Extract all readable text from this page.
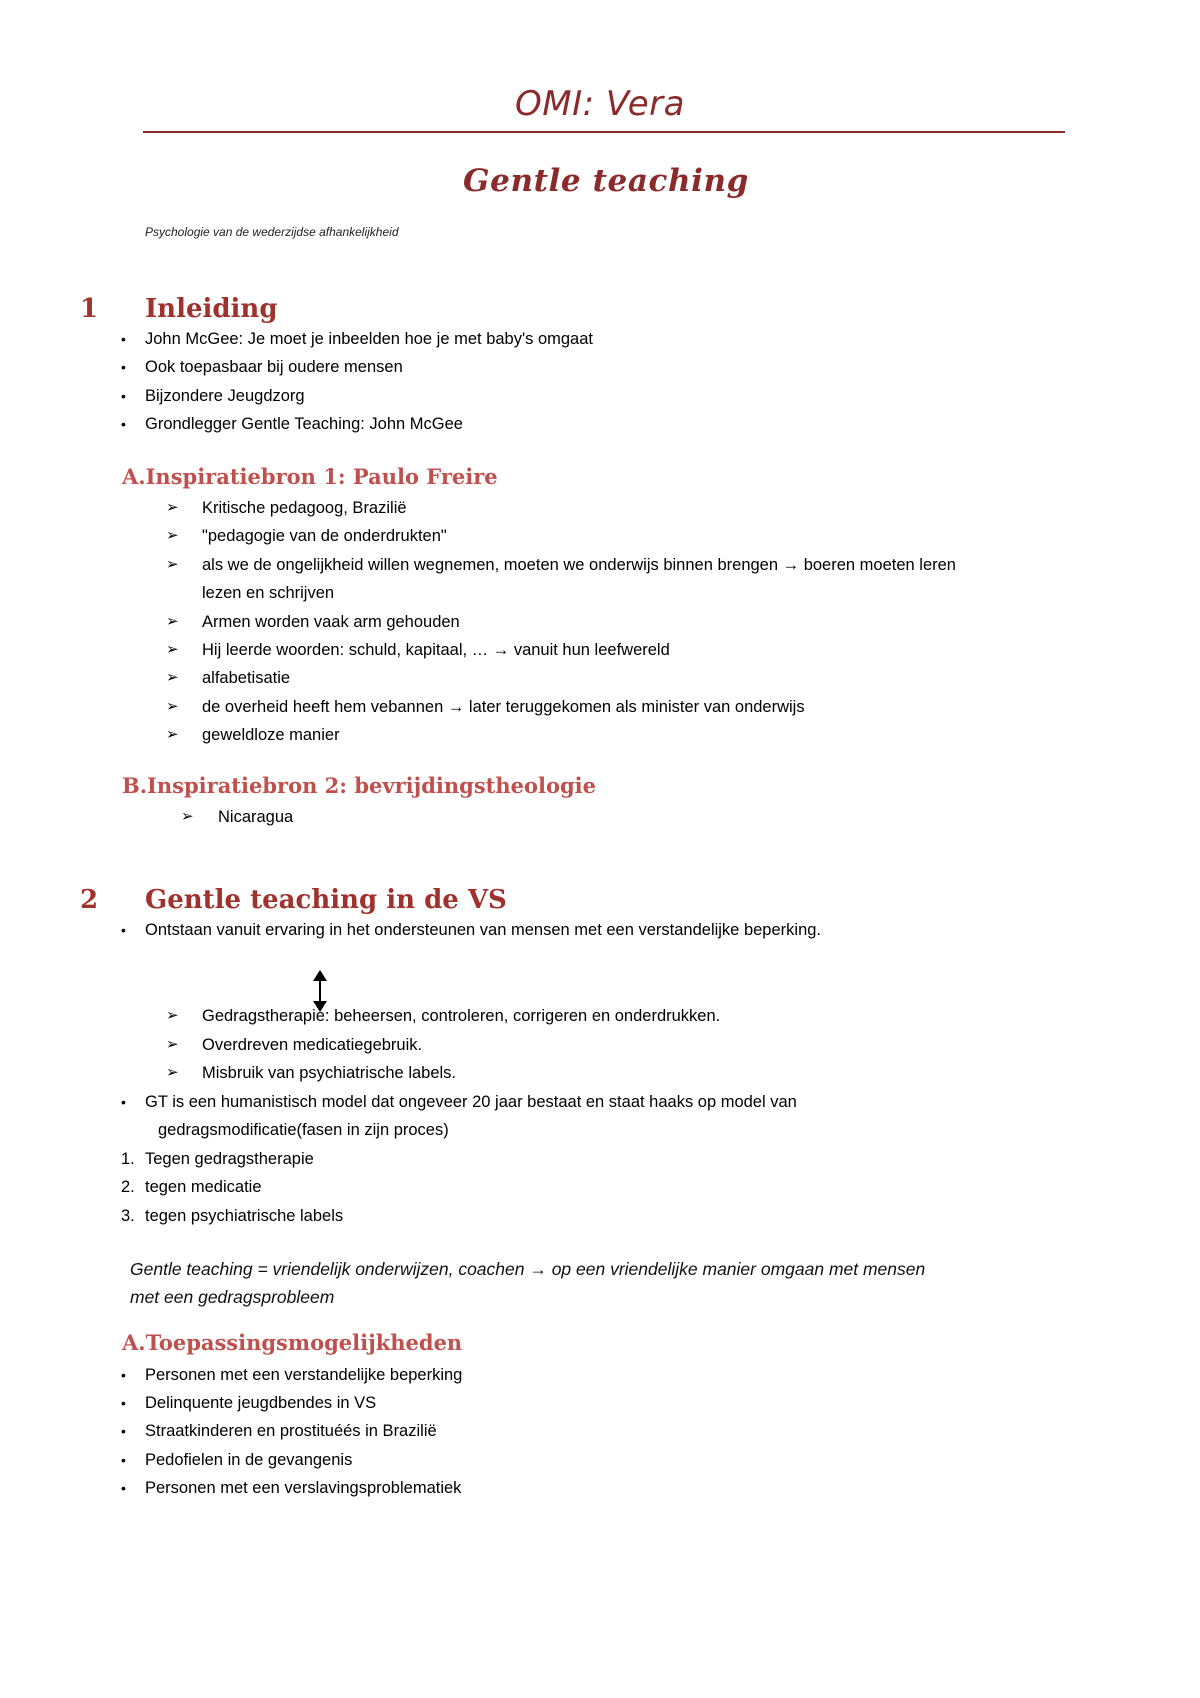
OMI: Vera
Gentle teaching
Psychologie van de wederzijdse afhankelijkheid
1 Inleiding
• John McGee: Je moet je inbeelden hoe je met baby's omgaat
• Ook toepasbaar bij oudere mensen
• Bijzondere Jeugdzorg
• Grondlegger Gentle Teaching: John McGee
A.Inspiratiebron 1: Paulo Freire
➢ Kritische pedagoog, Brazilië
➢ "pedagogie van de onderdrukten"
➢ als we de ongelijkheid willen wegnemen, moeten we onderwijs binnen brengen → boeren moeten leren
lezen en schrijven
➢ Armen worden vaak arm gehouden
➢ Hij leerde woorden: schuld, kapitaal, … → vanuit hun leefwereld
➢ alfabetisatie
➢ de overheid heeft hem vebannen → later teruggekomen als minister van onderwijs
➢ geweldloze manier
B.Inspiratiebron 2: bevrijdingstheologie
➢ Nicaragua
2 Gentle teaching in de VS
• Ontstaan vanuit ervaring in het ondersteunen van mensen met een verstandelijke beperking.
➢ Gedragstherapie: beheersen, controleren, corrigeren en onderdrukken.
➢ Overdreven medicatiegebruik.
➢ Misbruik van psychiatrische labels.
• GT is een humanistisch model dat ongeveer 20 jaar bestaat en staat haaks op model van
gedragsmodificatie(fasen in zijn proces)
1. Tegen gedragstherapie
2. tegen medicatie
3. tegen psychiatrische labels
Gentle teaching = vriendelijk onderwijzen, coachen → op een vriendelijke manier omgaan met mensen
met een gedragsprobleem
A.Toepassingsmogelijkheden
• Personen met een verstandelijke beperking
• Delinquente jeugdbendes in VS
• Straatkinderen en prostituéés in Brazilië
• Pedofielen in de gevangenis
• Personen met een verslavingsproblematiek
